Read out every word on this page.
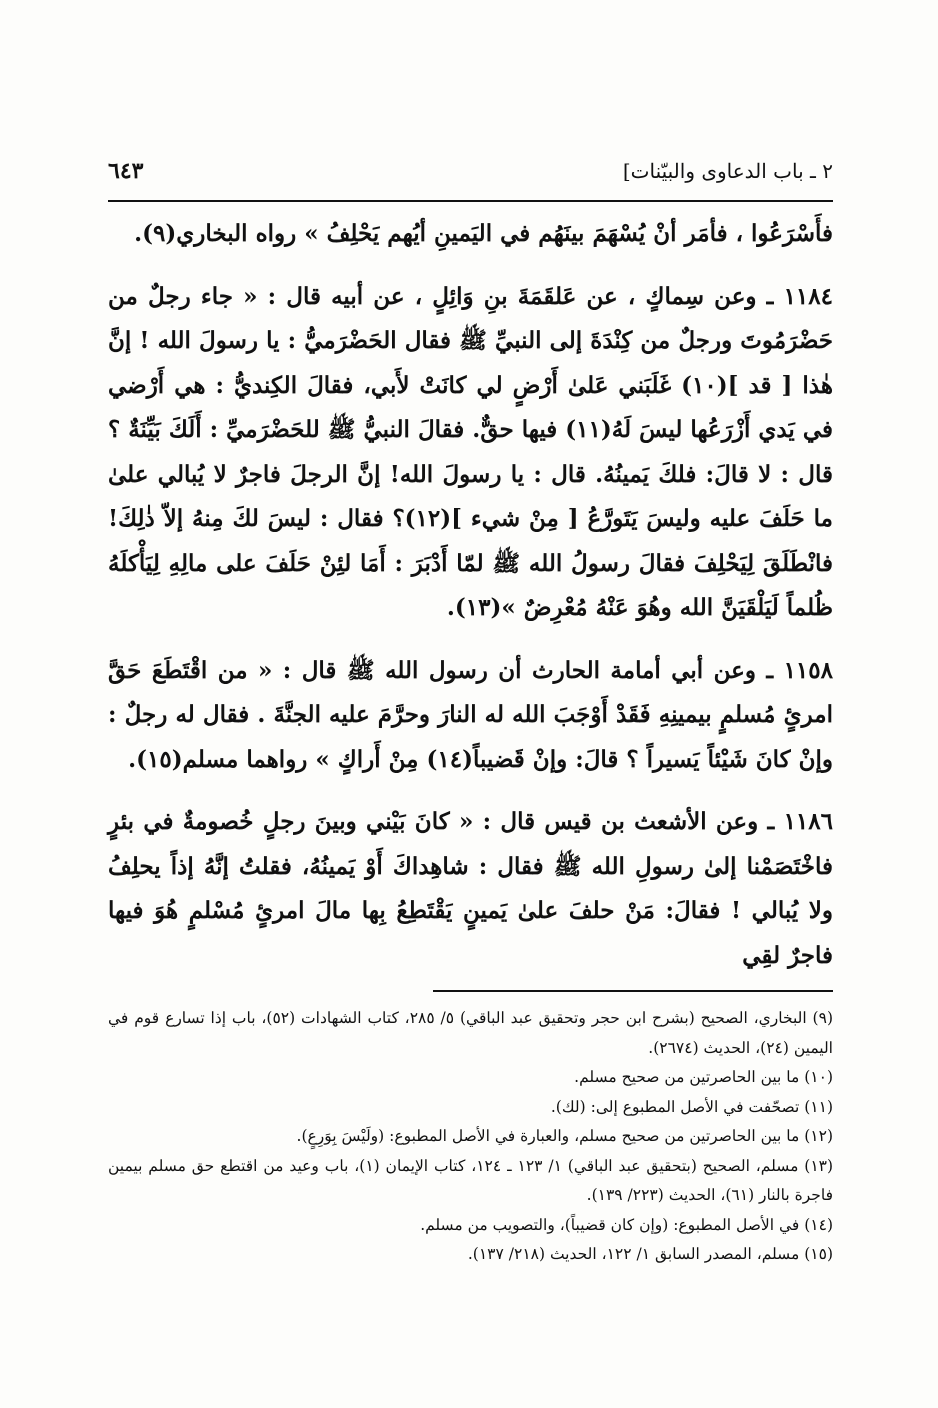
٢ ـ باب الدعاوى والبيّنات]
٦٤٣

فأَسْرَعُوا ، فأمَر أنْ يُسْهَمَ بينَهُم في اليَمينِ أيُهم يَحْلِفُ » رواه البخاري(٩).

١١٨٤ ـ وعن سِماكٍ ، عن عَلقَمَةَ بنِ وَائِلٍ ، عن أبيه قال : « جاء رجلٌ من حَضْرَمُوتَ ورجلٌ من كِنْدَةَ إلى النبيِّ ﷺ فقال الحَضْرَميُّ : يا رسولَ الله ! إنَّ هٰذا [ قد ](١٠) غَلَبَني عَلىٰ أَرْضٍ لي كانَتْ لأَبي، فقالَ الكِنديُّ : هي أَرْضي في يَدي أَزْرَعُها ليسَ لَهُ(١١) فيها حقٌّ. فقالَ النبيُّ ﷺ للحَضْرَميِّ : أَلَكَ بَيِّنَةٌ ؟ قال : لا قالَ: فلكَ يَمينُهُ. قال : يا رسولَ الله! إنَّ الرجلَ فاجرٌ لا يُبالي علىٰ ما حَلَفَ عليه وليسَ يَتَورَّعُ [ مِنْ شيء ](١٢)؟ فقال : ليسَ لكَ مِنهُ إلاّ ذٰلِكَ! فانْطَلَقَ لِيَحْلِفَ فقالَ رسولُ الله ﷺ لمّا أَدْبَرَ : أَمَا لئِنْ حَلَفَ على مالِهِ لِيَأْكلَهُ ظُلماً لَيَلْقَيَنَّ الله وهُوَ عَنْهُ مُعْرِضٌ »(١٣).

١١٥٨ ـ وعن أبي أمامة الحارث أن رسول الله ﷺ قال : « من اقْتَطَعَ حَقَّ امرئٍ مُسلمٍ بيمينِهِ فَقَدْ أَوْجَبَ الله له النارَ وحرَّمَ عليه الجنَّةَ . فقال له رجلٌ : وإنْ كانَ شَيْئاً يَسيراً ؟ قالَ: وإنْ قَضيباً(١٤) مِنْ أَراكٍ » رواهما مسلم(١٥).

١١٨٦ ـ وعن الأشعث بن قيس قال : « كانَ بَيْني وبينَ رجلٍ خُصومةٌ في بئرٍ فاخْتَصَمْنا إلىٰ رسولِ الله ﷺ فقال : شاهِداكَ أَوْ يَمينُهُ، فقلتُ إنَّهُ إذاً يحلِفُ ولا يُبالي ! فقالَ: مَنْ حلفَ علىٰ يَمينٍ يَقْتَطِعُ بِها مالَ امرئٍ مُسْلمٍ هُوَ فيها فاجرٌ لقِي

(٩) البخاري، الصحيح (بشرح ابن حجر وتحقيق عبد الباقي) ٥/ ٢٨٥، كتاب الشهادات (٥٢)، باب إذا تسارع قوم في اليمين (٢٤)، الحديث (٢٦٧٤).

(١٠) ما بين الحاصرتين من صحيح مسلم.

(١١) تصحّفت في الأصل المطبوع إلى: (لك).

(١٢) ما بين الحاصرتين من صحيح مسلم، والعبارة في الأصل المطبوع: (ولَيْسَ بِوَرِعٍ).

(١٣) مسلم، الصحيح (بتحقيق عبد الباقي) ١/ ١٢٣ ـ ١٢٤، كتاب الإيمان (١)، باب وعيد من اقتطع حق مسلم بيمين فاجرة بالنار (٦١)، الحديث (٢٢٣/ ١٣٩).

(١٤) في الأصل المطبوع: (وإن كان قضيباً)، والتصويب من مسلم.

(١٥) مسلم، المصدر السابق ١/ ١٢٢، الحديث (٢١٨/ ١٣٧).
